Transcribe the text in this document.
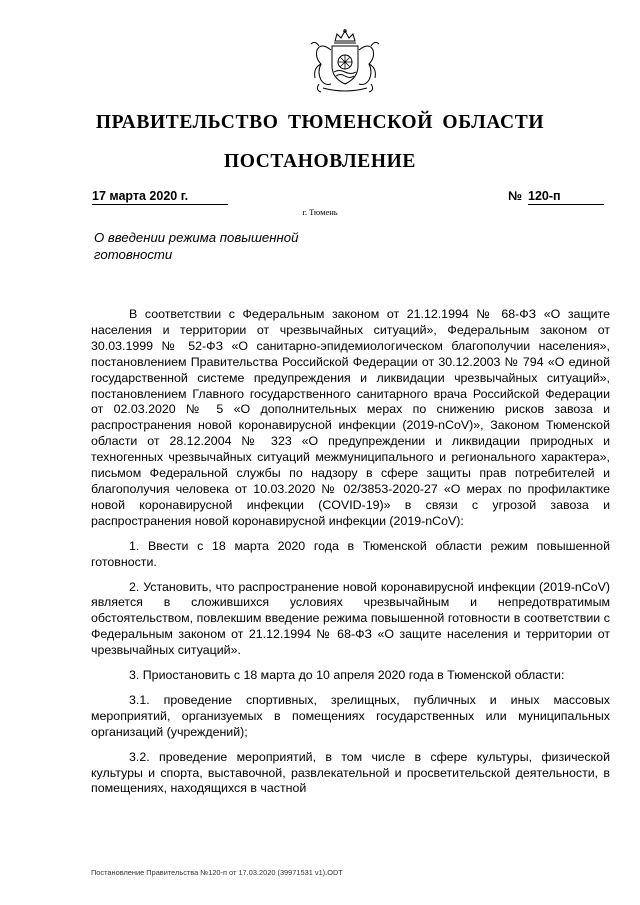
ПРАВИТЕЛЬСТВО ТЮМЕНСКОЙ ОБЛАСТИ
ПОСТАНОВЛЕНИЕ
17 марта 2020 г.	№ 120-п
г. Тюмень
О введении режима повышенной готовности

В соответствии с Федеральным законом от 21.12.1994 № 68-ФЗ «О защите населения и территории от чрезвычайных ситуаций», Федеральным законом от 30.03.1999 № 52-ФЗ «О санитарно-эпидемиологическом благополучии населения», постановлением Правительства Российской Федерации от 30.12.2003 № 794 «О единой государственной системе предупреждения и ликвидации чрезвычайных ситуаций», постановлением Главного государственного санитарного врача Российской Федерации от 02.03.2020 № 5 «О дополнительных мерах по снижению рисков завоза и распространения новой коронавирусной инфекции (2019-nCoV)», Законом Тюменской области от 28.12.2004 № 323 «О предупреждении и ликвидации природных и техногенных чрезвычайных ситуаций межмуниципального и регионального характера», письмом Федеральной службы по надзору в сфере защиты прав потребителей и благополучия человека от 10.03.2020 № 02/3853-2020-27 «О мерах по профилактике новой коронавирусной инфекции (COVID-19)» в связи с угрозой завоза и распространения новой коронавирусной инфекции (2019-nCoV):

1. Ввести с 18 марта 2020 года в Тюменской области режим повышенной готовности.

2. Установить, что распространение новой коронавирусной инфекции (2019-nCoV) является в сложившихся условиях чрезвычайным и непредотвратимым обстоятельством, повлекшим введение режима повышенной готовности в соответствии с Федеральным законом от 21.12.1994 № 68-ФЗ «О защите населения и территории от чрезвычайных ситуаций».

3. Приостановить с 18 марта до 10 апреля 2020 года в Тюменской области:

3.1. проведение спортивных, зрелищных, публичных и иных массовых мероприятий, организуемых в помещениях государственных или муниципальных организаций (учреждений);

3.2. проведение мероприятий, в том числе в сфере культуры, физической культуры и спорта, выставочной, развлекательной и просветительской деятельности, в помещениях, находящихся в частной

Постановление Правительства №120-п от 17.03.2020 (39971531 v1).ODT
